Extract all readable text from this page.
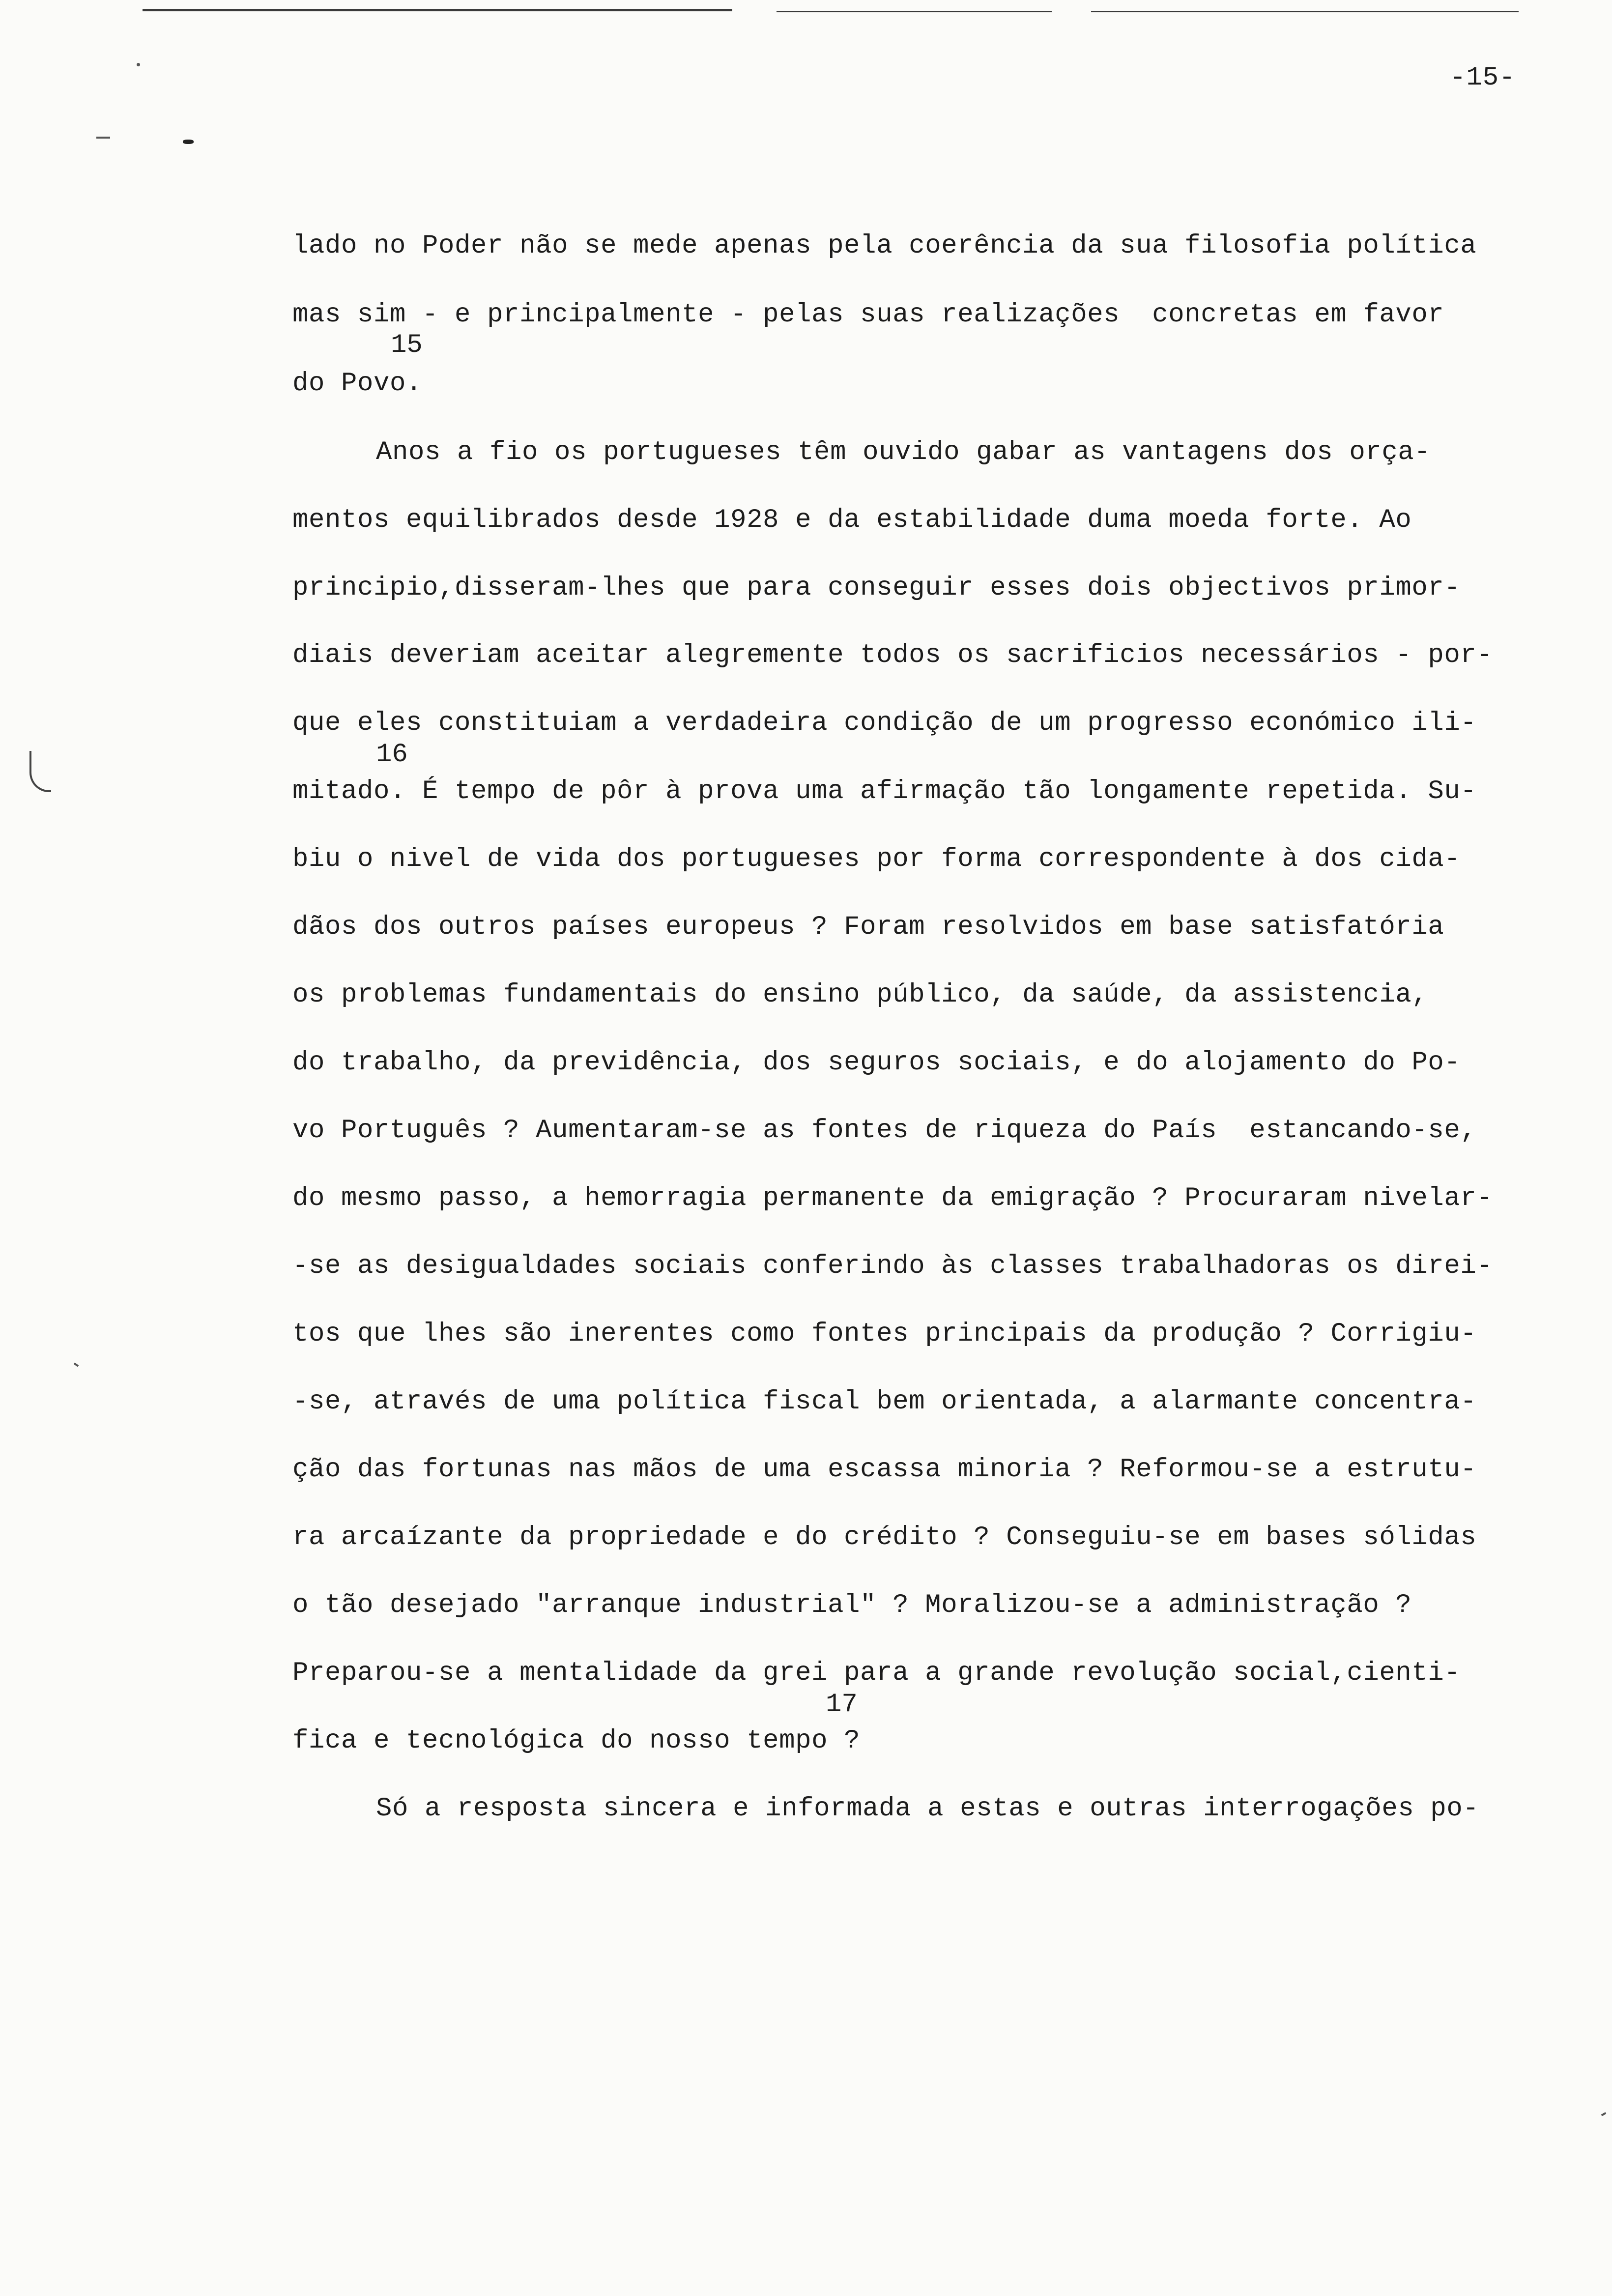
-15-
lado no Poder não se mede apenas pela coerência da sua filosofia política
mas sim - e principalmente - pelas suas realizações  concretas em favor
15
do Povo.
Anos a fio os portugueses têm ouvido gabar as vantagens dos orça-
mentos equilibrados desde 1928 e da estabilidade duma moeda forte. Ao
principio,disseram-lhes que para conseguir esses dois objectivos primor-
diais deveriam aceitar alegremente todos os sacrificios necessários - por-
que eles constituiam a verdadeira condição de um progresso económico ili-
16
mitado. É tempo de pôr à prova uma afirmação tão longamente repetida. Su-
biu o nivel de vida dos portugueses por forma correspondente à dos cida-
dãos dos outros países europeus ? Foram resolvidos em base satisfatória
os problemas fundamentais do ensino público, da saúde, da assistencia,
do trabalho, da previdência, dos seguros sociais, e do alojamento do Po-
vo Português ? Aumentaram-se as fontes de riqueza do País  estancando-se,
do mesmo passo, a hemorragia permanente da emigração ? Procuraram nivelar-
-se as desigualdades sociais conferindo às classes trabalhadoras os direi-
tos que lhes são inerentes como fontes principais da produção ? Corrigiu-
-se, através de uma política fiscal bem orientada, a alarmante concentra-
ção das fortunas nas mãos de uma escassa minoria ? Reformou-se a estrutu-
ra arcaízante da propriedade e do crédito ? Conseguiu-se em bases sólidas
o tão desejado "arranque industrial" ? Moralizou-se a administração ?
Preparou-se a mentalidade da grei para a grande revolução social,cienti-
17
fica e tecnológica do nosso tempo ?
Só a resposta sincera e informada a estas e outras interrogações po-
